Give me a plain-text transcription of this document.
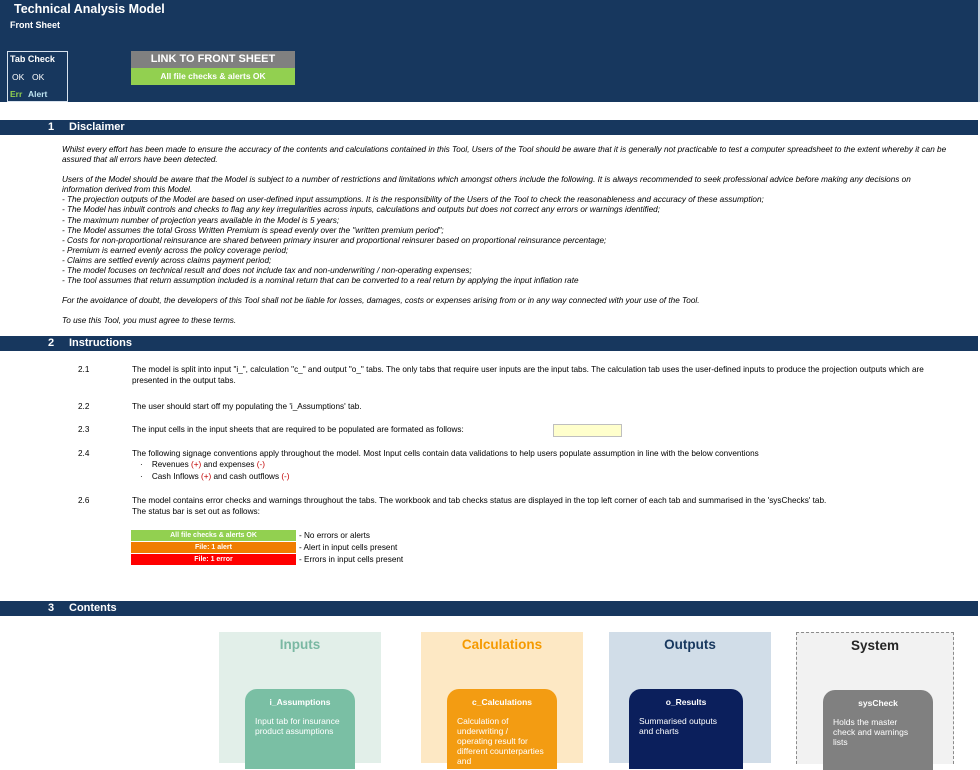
Technical Analysis Model
Front Sheet
Tab Check
OK OK
Err Alert
LINK TO FRONT SHEET
All file checks & alerts OK
1 Disclaimer

Whilst every effort has been made to ensure the accuracy of the contents and calculations contained in this Tool, Users of the Tool should be aware that it is generally not practicable to test a computer spreadsheet to the extent whereby it can be assured that all errors have been detected.

Users of the Model should be aware that the Model is subject to a number of restrictions and limitations which amongst others include the following. It is always recommended to seek professional advice before making any decisions on information derived from this Model.

- The projection outputs of the Model are based on user-defined input assumptions. It is the responsibility of the Users of the Tool to check the reasonableness and accuracy of these assumption;

- The Model has inbuilt controls and checks to flag any key irregularities across inputs, calculations and outputs but does not correct any errors or warnings identified;

- The maximum number of projection years available in the Model is 5 years;

- The Model assumes the total Gross Written Premium is spead evenly over the "written premium period";

- Costs for non-proportional reinsurance are shared between primary insurer and proportional reinsurer based on proportional reinsurance percentage;

- Premium is earned evenly across the policy coverage period;

- Claims are settled evenly across claims payment period;

- The model focuses on technical result and does not include tax and non-underwriting / non-operating expenses;

- The tool assumes that return assumption included is a nominal return that can be converted to a real return by applying the input inflation rate

For the avoidance of doubt, the developers of this Tool shall not be liable for losses, damages, costs or expenses arising from or in any way connected with your use of the Tool.

To use this Tool, you must agree to these terms.

2 Instructions
2.1	The model is split into input "i_", calculation "c_" and output "o_" tabs. The only tabs that require user inputs are the input tabs. The calculation tab uses the user-defined inputs to produce the projection outputs which are presented in the output tabs.
2.2	The user should start off my populating the 'i_Assumptions' tab.
2.3	The input cells in the input sheets that are required to be populated are formated as follows:
2.4	The following signage conventions apply throughout the model. Most Input cells contain data validations to help users populate assumption in line with the below conventions
·    Revenues (+) and expenses (-)
·    Cash Inflows (+) and cash outflows (-)
2.6	The model contains error checks and warnings throughout the tabs. The workbook and tab checks status are displayed in the top left corner of each tab and summarised in the 'sysChecks' tab.
The status bar is set out as follows:
All file checks & alerts OK	- No errors or alerts
File: 1 alert	- Alert in input cells present
File: 1 error	- Errors in input cells present
3 Contents
Inputs
i_Assumptions
Input tab for insurance product assumptions
Calculations
c_Calculations
Calculation of underwriting / operating result for different counterparties and
Outputs
o_Results
Summarised outputs and charts
System
sysCheck
Holds the master check and warnings lists
